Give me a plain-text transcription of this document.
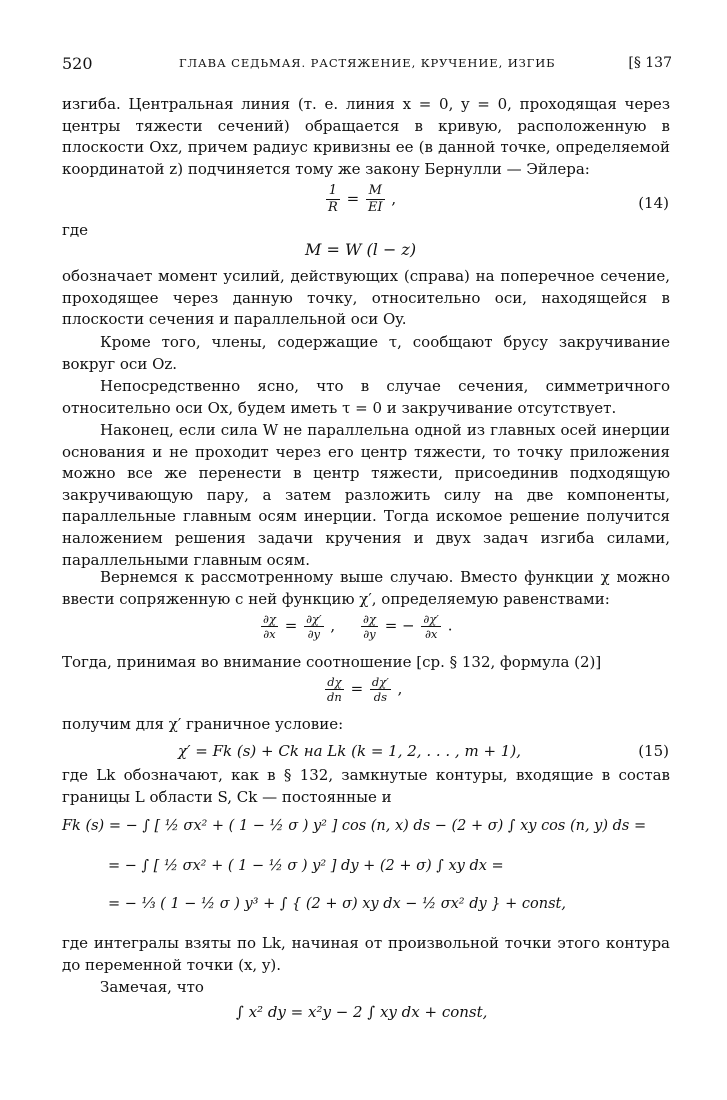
520	ГЛАВА СЕДЬМАЯ. РАСТЯЖЕНИЕ, КРУЧЕНИЕ, ИЗГИБ	[§ 137

изгиба. Центральная линия (т. е. линия x = 0, y = 0, проходящая через центры тяжести сечений) обращается в кривую, расположенную в плоскости Oxz, причем радиус кривизны ее (в данной точке, определяемой координатой z) подчиняется тому же закону Бернулли — Эйлера:

$\frac{1}{R} = \frac{M}{EI}$ ,	(14)
где
M = W (l − z)

обозначает момент усилий, действующих (справа) на поперечное сечение, проходящее через данную точку, относительно оси, находящейся в плоскости сечения и параллельной оси Oy.

Кроме того, члены, содержащие τ, сообщают брусу закручивание вокруг оси Oz.

Непосредственно ясно, что в случае сечения, симметричного относительно оси Ox, будем иметь τ = 0 и закручивание отсутствует.

Наконец, если сила W не параллельна одной из главных осей инерции основания и не проходит через его центр тяжести, то точку приложения можно все же перенести в центр тяжести, присоединив подходящую закручивающую пару, а затем разложить силу на две компоненты, параллельные главным осям инерции. Тогда искомое решение получится наложением решения задачи кручения и двух задач изгиба силами, параллельными главным осям.

Вернемся к рассмотренному выше случаю. Вместо функции χ можно ввести сопряженную с ней функцию χ′, определяемую равенствами:

$\frac{\partial\chi}{\partial x} = \frac{\partial\chi'}{\partial y}$ , $\frac{\partial\chi}{\partial y}$ = − $\frac{\partial\chi'}{\partial x}$ .

Тогда, принимая во внимание соотношение [ср. § 132, формула (2)]

$\frac{d\chi}{dn} = \frac{d\chi'}{ds}$ ,

получим для χ′ граничное условие:

χ′ = Fk (s) + Ck на Lk (k = 1, 2, . . . , m + 1),	(15)

где Lk обозначают, как в § 132, замкнутые контуры, входящие в состав границы L области S, Ck — постоянные и

Fk (s) = − ∫ [ ½ σx² + ( 1 − ½ σ ) y² ] cos (n, x) ds − (2 + σ) ∫ xy cos (n, y) ds =
= − ∫ [ ½ σx² + ( 1 − ½ σ ) y² ] dy + (2 + σ) ∫ xy dx =
= − ⅓ ( 1 − ½ σ ) y³ + ∫ { (2 + σ) xy dx − ½ σx² dy } + const,

где интегралы взяты по Lk, начиная от произвольной точки этого контура до переменной точки (x, y).

Замечая, что

∫ x² dy = x²y − 2 ∫ xy dx + const,
